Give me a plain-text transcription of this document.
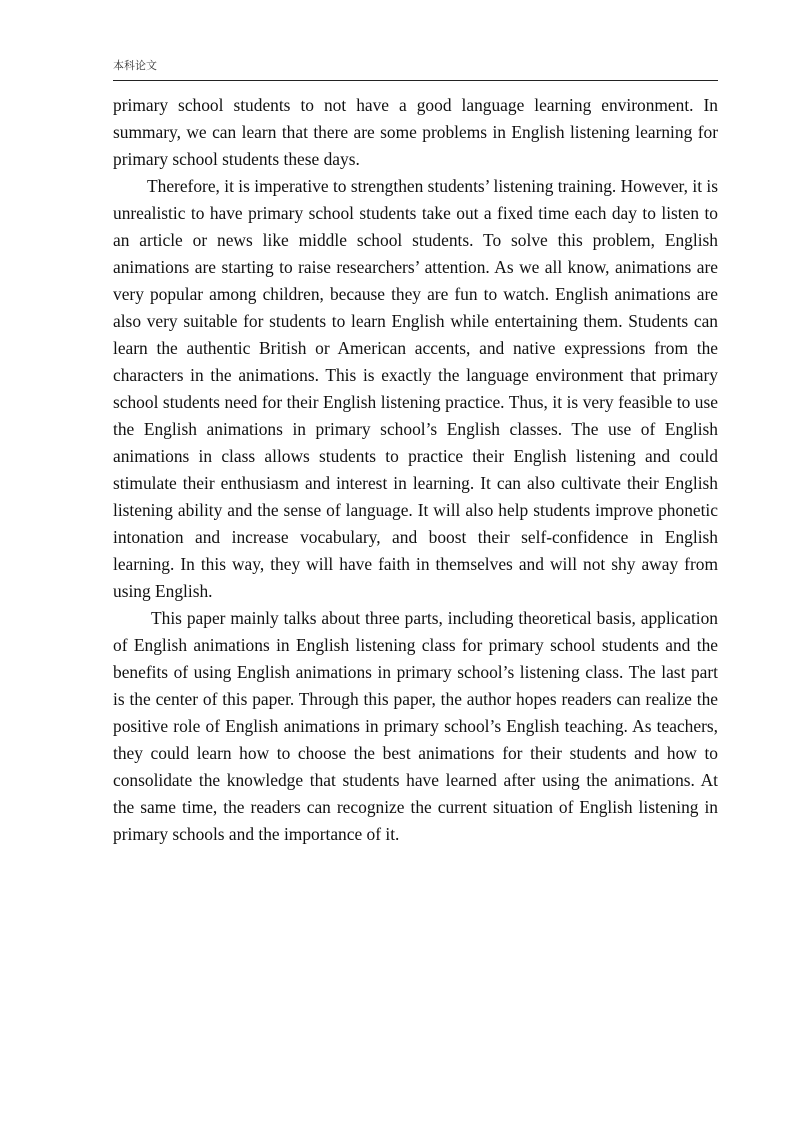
本科论文

primary school students to not have a good language learning environment. In summary, we can learn that there are some problems in English listening learning for primary school students these days.

Therefore, it is imperative to strengthen students’ listening training. However, it is unrealistic to have primary school students take out a fixed time each day to listen to an article or news like middle school students. To solve this problem, English animations are starting to raise researchers’ attention. As we all know, animations are very popular among children, because they are fun to watch. English animations are also very suitable for students to learn English while entertaining them. Students can learn the authentic British or American accents, and native expressions from the characters in the animations. This is exactly the language environment that primary school students need for their English listening practice. Thus, it is very feasible to use the English animations in primary school’s English classes. The use of English animations in class allows students to practice their English listening and could stimulate their enthusiasm and interest in learning. It can also cultivate their English listening ability and the sense of language. It will also help students improve phonetic intonation and increase vocabulary, and boost their self-confidence in English learning. In this way, they will have faith in themselves and will not shy away from using English.

This paper mainly talks about three parts, including theoretical basis, application of English animations in English listening class for primary school students and the benefits of using English animations in primary school’s listening class. The last part is the center of this paper. Through this paper, the author hopes readers can realize the positive role of English animations in primary school’s English teaching. As teachers, they could learn how to choose the best animations for their students and how to consolidate the knowledge that students have learned after using the animations. At the same time, the readers can recognize the current situation of English listening in primary schools and the importance of it.
